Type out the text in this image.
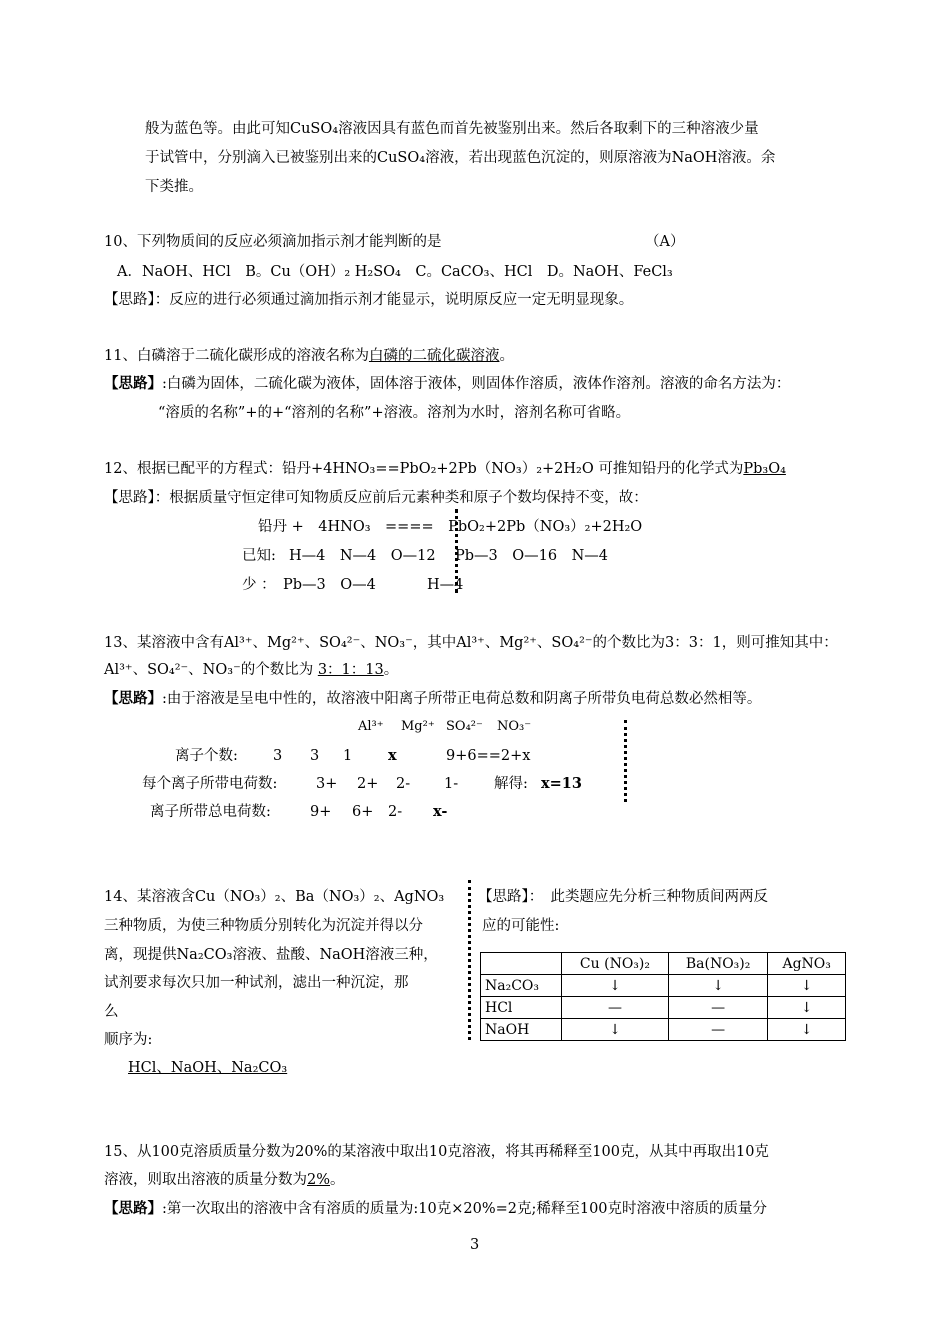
般为蓝色等。由此可知CuSO₄溶液因具有蓝色而首先被鉴别出来。然后各取剩下的三种溶液少量
于试管中，分别滴入已被鉴别出来的CuSO₄溶液，若出现蓝色沉淀的，则原溶液为NaOH溶液。余
下类推。
10、下列物质间的反应必须滴加指示剂才能判断的是	（A）
A．NaOH、HCl　B。Cu（OH）₂ H₂SO₄　C。CaCO₃、HCl　D。NaOH、FeCl₃
【思路】：反应的进行必须通过滴加指示剂才能显示，说明原反应一定无明显现象。
11、白磷溶于二硫化碳形成的溶液名称为白磷的二硫化碳溶液。
【思路】:白磷为固体，二硫化碳为液体，固体溶于液体，则固体作溶质，液体作溶剂。溶液的命名方法为：
“溶质的名称”+的+“溶剂的名称”+溶液。溶剂为水时，溶剂名称可省略。
12、根据已配平的方程式：铅丹+4HNO₃==PbO₂+2Pb（NO₃）₂+2H₂O 可推知铅丹的化学式为Pb₃O₄
【思路】：根据质量守恒定律可知物质反应前后元素种类和原子个数均保持不变，故：
铅丹 +　4HNO₃　====　PbO₂+2Pb（NO₃）₂+2H₂O
已知: H—4　N—4　O—12 Pb—3　O—16　N—4
少 ： Pb—3　O—4	H—4
13、某溶液中含有Al³⁺、Mg²⁺、SO₄²⁻、NO₃⁻，其中Al³⁺、Mg²⁺、SO₄²⁻的个数比为3：3：1，则可推知其中：
Al³⁺、SO₄²⁻、NO₃⁻的个数比为 3：1：13。
【思路】:由于溶液是呈电中性的，故溶液中阳离子所带正电荷总数和阴离子所带负电荷总数必然相等。
Al³⁺ Mg²⁺ SO₄²⁻ NO₃⁻
离子个数: 3 3 1 x	9+6==2+x
每个离子所带电荷数:	3+ 2+ 2- 1- 解得: x=13
离子所带总电荷数:	9+ 6+ 2- x-
14、某溶液含Cu（NO₃）₂、Ba（NO₃）₂、AgNO₃
三种物质，为使三种物质分别转化为沉淀并得以分
离，现提供Na₂CO₃溶液、盐酸、NaOH溶液三种，
试剂要求每次只加一种试剂，滤出一种沉淀，那
么
顺序为:
HCl、NaOH、Na₂CO₃
【思路】：　此类题应先分析三种物质间两两反
应的可能性:
	Cu (NO₃)₂	Ba(NO₃)₂	AgNO₃
Na₂CO₃	↓	↓	↓
HCl	—	—	↓
NaOH	↓	—	↓
15、从100克溶质质量分数为20%的某溶液中取出10克溶液，将其再稀释至100克，从其中再取出10克
溶液，则取出溶液的质量分数为2%。
【思路】:第一次取出的溶液中含有溶质的质量为:10克×20%=2克;稀释至100克时溶液中溶质的质量分
3
